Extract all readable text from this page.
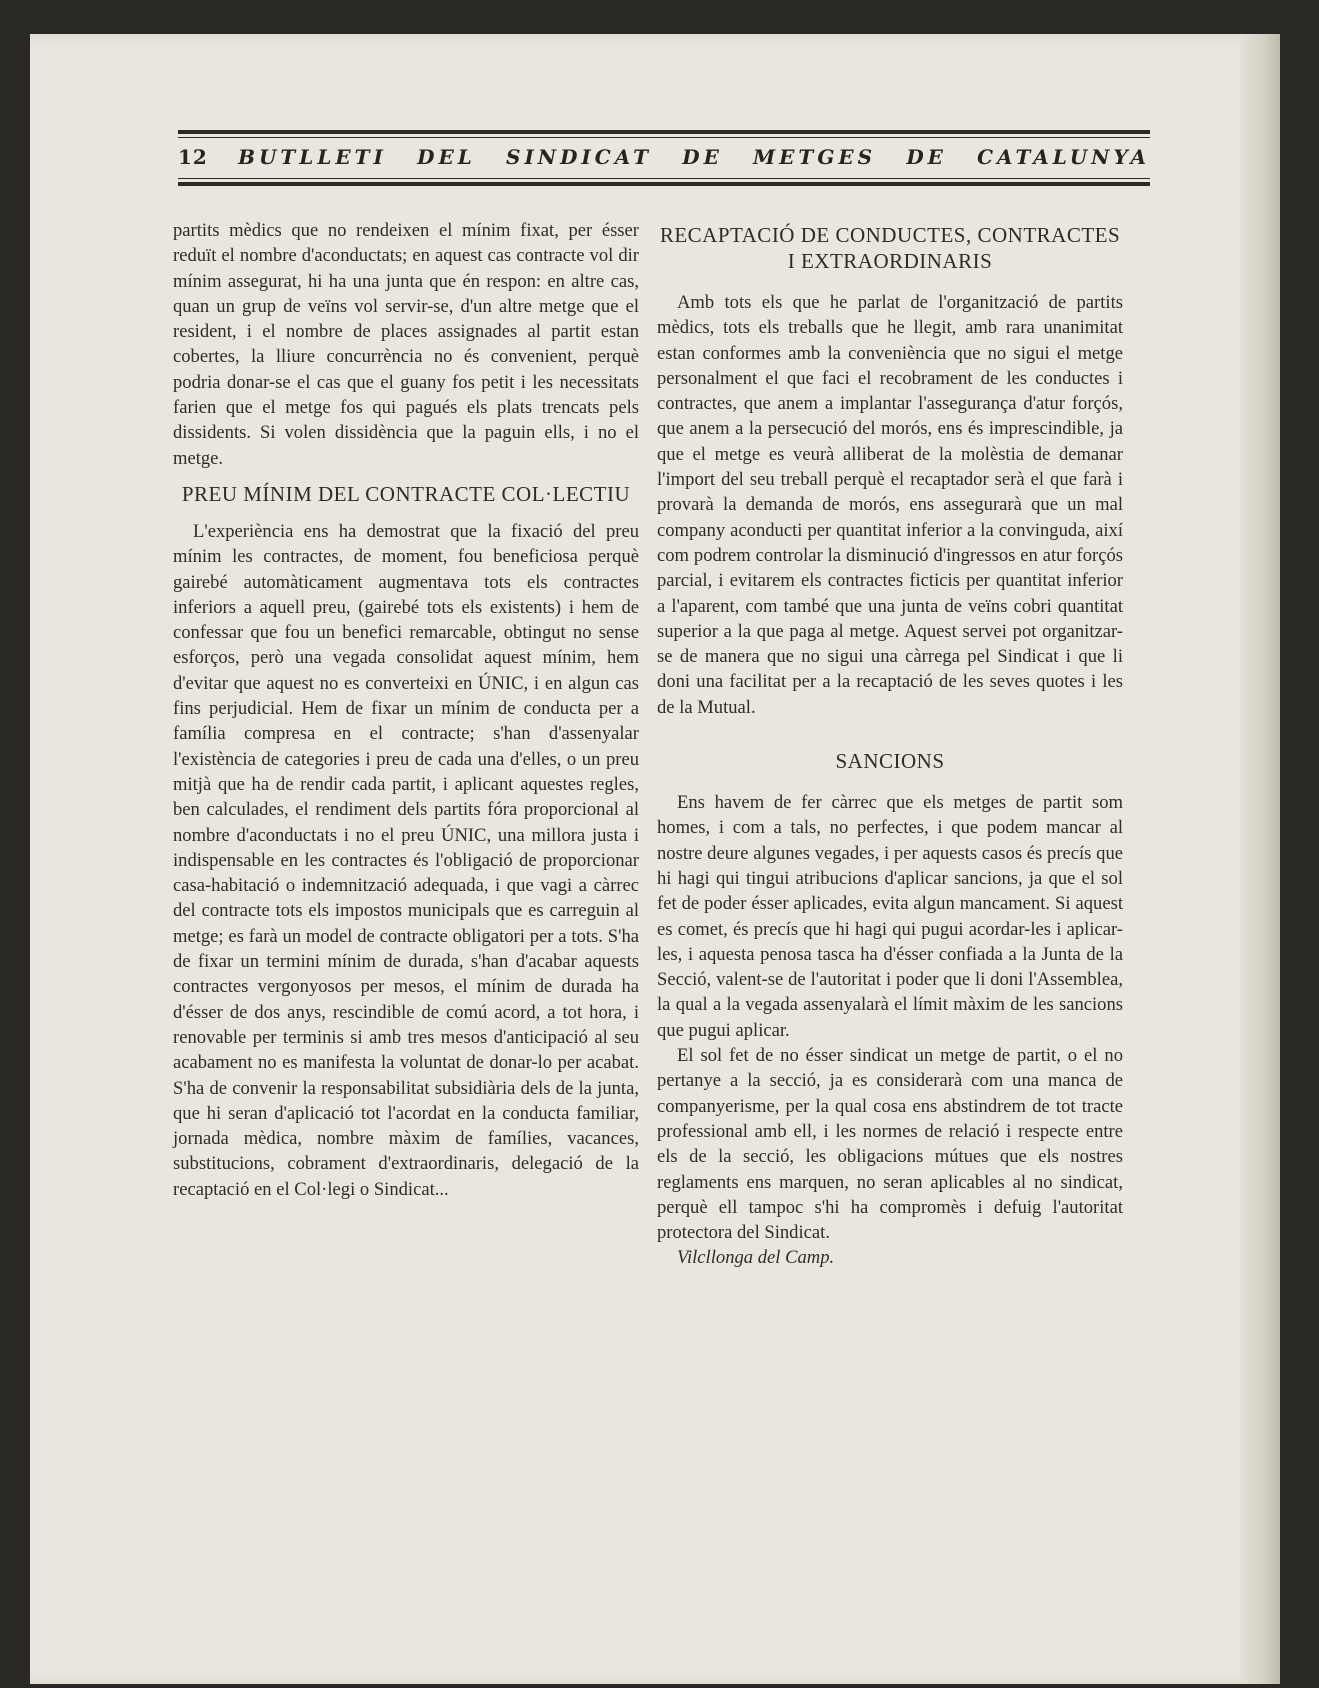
12 BUTLLETI DEL SINDICAT DE METGES DE CATALUNYA

partits mèdics que no rendeixen el mínim fixat, per ésser reduït el nombre d'aconductats; en aquest cas contracte vol dir mínim assegurat, hi ha una junta que én respon: en altre cas, quan un grup de veïns vol servir-se, d'un altre metge que el resident, i el nombre de places assignades al partit estan cobertes, la lliure concurrència no és convenient, perquè podria donar-se el cas que el guany fos petit i les necessitats farien que el metge fos qui pagués els plats trencats pels dissidents. Si volen dissidència que la paguin ells, i no el metge.

PREU MÍNIM DEL CONTRACTE COL·LECTIU

L'experiència ens ha demostrat que la fixació del preu mínim les contractes, de moment, fou beneficiosa perquè gairebé automàticament augmentava tots els contractes inferiors a aquell preu, (gairebé tots els existents) i hem de confessar que fou un benefici remarcable, obtingut no sense esforços, però una vegada consolidat aquest mínim, hem d'evitar que aquest no es converteixi en ÚNIC, i en algun cas fins perjudicial. Hem de fixar un mínim de conducta per a família compresa en el contracte; s'han d'assenyalar l'existència de categories i preu de cada una d'elles, o un preu mitjà que ha de rendir cada partit, i aplicant aquestes regles, ben calculades, el rendiment dels partits fóra proporcional al nombre d'aconductats i no el preu ÚNIC, una millora justa i indispensable en les contractes és l'obligació de proporcionar casa-habitació o indemnització adequada, i que vagi a càrrec del contracte tots els impostos municipals que es carreguin al metge; es farà un model de contracte obligatori per a tots. S'ha de fixar un termini mínim de durada, s'han d'acabar aquests contractes vergonyosos per mesos, el mínim de durada ha d'ésser de dos anys, rescindible de comú acord, a tot hora, i renovable per terminis si amb tres mesos d'anticipació al seu acabament no es manifesta la voluntat de donar-lo per acabat. S'ha de convenir la responsabilitat subsidiària dels de la junta, que hi seran d'aplicació tot l'acordat en la conducta familiar, jornada mèdica, nombre màxim de famílies, vacances, substitucions, cobrament d'extraordinaris, delegació de la recaptació en el Col·legi o Sindicat...

RECAPTACIÓ DE CONDUCTES, CONTRACTES I EXTRAORDINARIS

Amb tots els que he parlat de l'organització de partits mèdics, tots els treballs que he llegit, amb rara unanimitat estan conformes amb la conveniència que no sigui el metge personalment el que faci el recobrament de les conductes i contractes, que anem a implantar l'assegurança d'atur forçós, que anem a la persecució del morós, ens és imprescindible, ja que el metge es veurà alliberat de la molèstia de demanar l'import del seu treball perquè el recaptador serà el que farà i provarà la demanda de morós, ens assegurarà que un mal company aconducti per quantitat inferior a la convinguda, així com podrem controlar la disminució d'ingressos en atur forçós parcial, i evitarem els contractes ficticis per quantitat inferior a l'aparent, com també que una junta de veïns cobri quantitat superior a la que paga al metge. Aquest servei pot organitzar-se de manera que no sigui una càrrega pel Sindicat i que li doni una facilitat per a la recaptació de les seves quotes i les de la Mutual.

SANCIONS

Ens havem de fer càrrec que els metges de partit som homes, i com a tals, no perfectes, i que podem mancar al nostre deure algunes vegades, i per aquests casos és precís que hi hagi qui tingui atribucions d'aplicar sancions, ja que el sol fet de poder ésser aplicades, evita algun mancament. Si aquest es comet, és precís que hi hagi qui pugui acordar-les i aplicar-les, i aquesta penosa tasca ha d'ésser confiada a la Junta de la Secció, valent-se de l'autoritat i poder que li doni l'Assemblea, la qual a la vegada assenyalarà el límit màxim de les sancions que pugui aplicar.

El sol fet de no ésser sindicat un metge de partit, o el no pertanye a la secció, ja es considerarà com una manca de companyerisme, per la qual cosa ens abstindrem de tot tracte professional amb ell, i les normes de relació i respecte entre els de la secció, les obligacions mútues que els nostres reglaments ens marquen, no seran aplicables al no sindicat, perquè ell tampoc s'hi ha compromès i defuig l'autoritat protectora del Sindicat.

Vilcllonga del Camp.
